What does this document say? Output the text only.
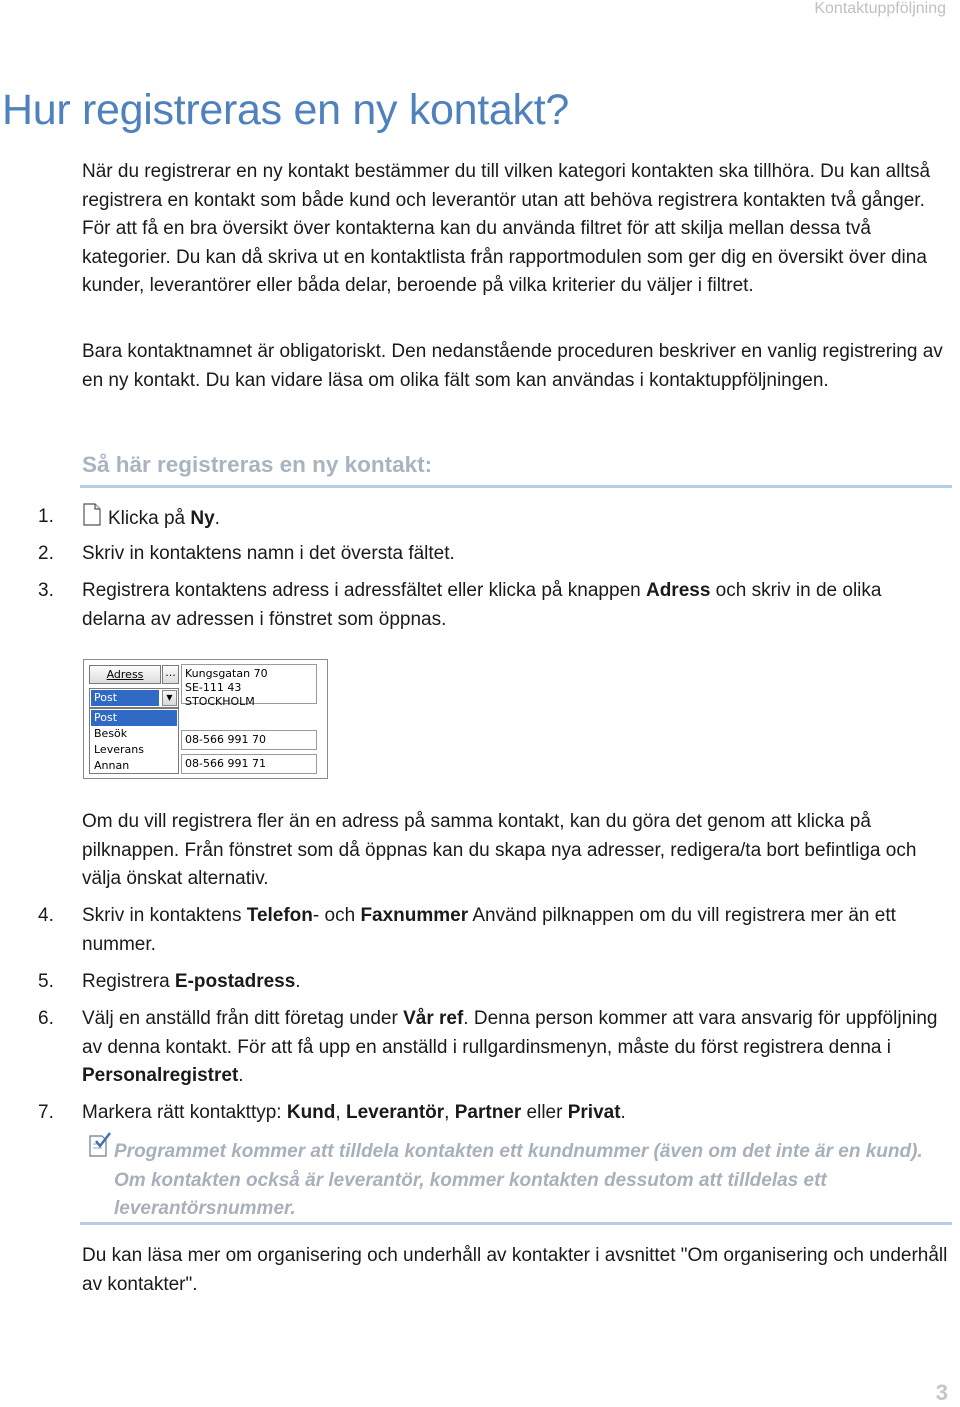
Kontaktuppföljning
Hur registreras en ny kontakt?

När du registrerar en ny kontakt bestämmer du till vilken kategori kontakten ska tillhöra. Du kan alltså registrera en kontakt som både kund och leverantör utan att behöva registrera kontakten två gånger. För att få en bra översikt över kontakterna kan du använda filtret för att skilja mellan dessa två kategorier. Du kan då skriva ut en kontaktlista från rapportmodulen som ger dig en översikt över dina kunder, leverantörer eller båda delar, beroende på vilka kriterier du väljer i filtret.

Bara kontaktnamnet är obligatoriskt. Den nedanstående proceduren beskriver en vanlig registrering av en ny kontakt. Du kan vidare läsa om olika fält som kan användas i kontaktuppföljningen.

Så här registreras en ny kontakt:
1.	Klicka på Ny.

2. Skriv in kontaktens namn i det översta fältet.

3. Registrera kontaktens adress i adressfältet eller klicka på knappen Adress och skriv in de olika delarna av adressen i fönstret som öppnas.

Adress	... Kungsgatan 70
SE-111 43 STOCKHOLM
Post	▼
Post
Besök
Leverans
Annan
08-566 991 70
08-566 991 71

Om du vill registrera fler än en adress på samma kontakt, kan du göra det genom att klicka på pilknappen. Från fönstret som då öppnas kan du skapa nya adresser, redigera/ta bort befintliga och välja önskat alternativ.

4. Skriv in kontaktens Telefon- och Faxnummer Använd pilknappen om du vill registrera mer än ett nummer.

5. Registrera E-postadress.

6. Välj en anställd från ditt företag under Vår ref. Denna person kommer att vara ansvarig för uppföljning av denna kontakt. För att få upp en anställd i rullgardinsmenyn, måste du först registrera denna i Personalregistret.

7. Markera rätt kontakttyp: Kund, Leverantör, Partner eller Privat.

Programmet kommer att tilldela kontakten ett kundnummer (även om det inte är en kund). Om kontakten också är leverantör, kommer kontakten dessutom att tilldelas ett leverantörsnummer.

Du kan läsa mer om organisering och underhåll av kontakter i avsnittet "Om organisering och underhåll av kontakter".

3
